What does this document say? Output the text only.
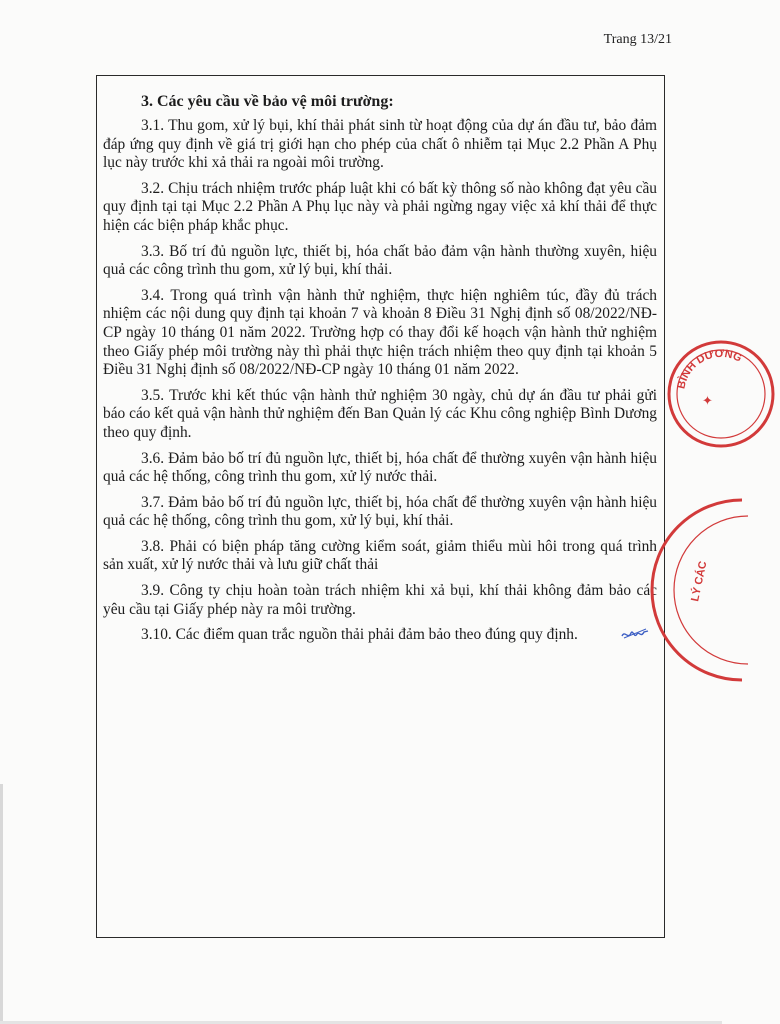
Trang 13/21
3. Các yêu cầu về bảo vệ môi trường:

3.1. Thu gom, xử lý bụi, khí thải phát sinh từ hoạt động của dự án đầu tư, bảo đảm đáp ứng quy định về giá trị giới hạn cho phép của chất ô nhiễm tại Mục 2.2 Phần A Phụ lục này trước khi xả thải ra ngoài môi trường.

3.2. Chịu trách nhiệm trước pháp luật khi có bất kỳ thông số nào không đạt yêu cầu quy định tại tại Mục 2.2 Phần A Phụ lục này và phải ngừng ngay việc xả khí thải để thực hiện các biện pháp khắc phục.

3.3. Bố trí đủ nguồn lực, thiết bị, hóa chất bảo đảm vận hành thường xuyên, hiệu quả các công trình thu gom, xử lý bụi, khí thải.

3.4. Trong quá trình vận hành thử nghiệm, thực hiện nghiêm túc, đầy đủ trách nhiệm các nội dung quy định tại khoản 7 và khoản 8 Điều 31 Nghị định số 08/2022/NĐ-CP ngày 10 tháng 01 năm 2022. Trường hợp có thay đổi kế hoạch vận hành thử nghiệm theo Giấy phép môi trường này thì phải thực hiện trách nhiệm theo quy định tại khoản 5 Điều 31 Nghị định số 08/2022/NĐ-CP ngày 10 tháng 01 năm 2022.

3.5. Trước khi kết thúc vận hành thử nghiệm 30 ngày, chủ dự án đầu tư phải gửi báo cáo kết quả vận hành thử nghiệm đến Ban Quản lý các Khu công nghiệp Bình Dương theo quy định.

3.6. Đảm bảo bố trí đủ nguồn lực, thiết bị, hóa chất để thường xuyên vận hành hiệu quả các hệ thống, công trình thu gom, xử lý nước thải.

3.7. Đảm bảo bố trí đủ nguồn lực, thiết bị, hóa chất để thường xuyên vận hành hiệu quả các hệ thống, công trình thu gom, xử lý bụi, khí thải.

3.8. Phải có biện pháp tăng cường kiểm soát, giảm thiểu mùi hôi trong quá trình sản xuất, xử lý nước thải và lưu giữ chất thải

3.9. Công ty chịu hoàn toàn trách nhiệm khi xả bụi, khí thải không đảm bảo các yêu cầu tại Giấy phép này ra môi trường.

3.10. Các điểm quan trắc nguồn thải phải đảm bảo theo đúng quy định.

BÌNH DƯƠNG
✦
LÝ CÁC
